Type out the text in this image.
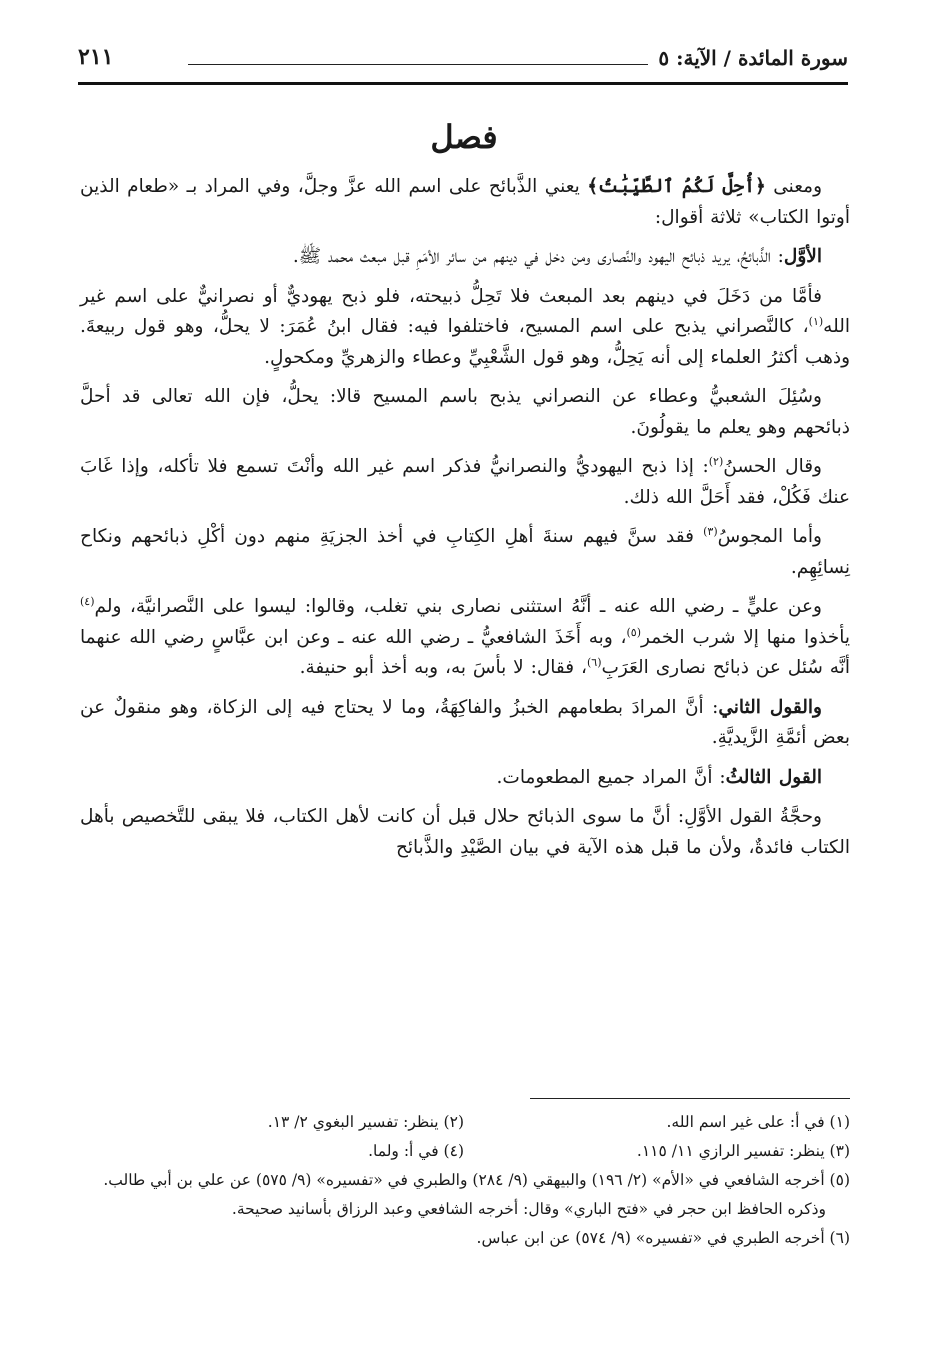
سورة المائدة / الآية: ٥
٢١١
فصل

ومعنى ﴿أُحِلَّ لَكُمُ ٱلطَّيِّبَٰتُ﴾ يعني الذَّبائح على اسم الله عزَّ وجلَّ، وفي المراد بـ «طعام الذين أوتوا الكتاب» ثلاثة أقوال:

الأوَّل: الذَّبائحُ، يريد ذبائح اليهود والنَّصارى ومن دخل في دينهم من سائر الأمَمِ قبل مبعث محمد ﷺ.

فأمَّا من دَخَلَ في دينهم بعد المبعث فلا تَحِلُّ ذبيحته، فلو ذبح يهوديٌّ أو نصرانيٌّ على اسم غير الله$^{(١)}$، كالنَّصراني يذبح على اسم المسيح، فاختلفوا فيه: فقال ابنُ عُمَرَ: لا يحلُّ، وهو قول ربيعةَ. وذهب أكثرُ العلماء إلى أنه يَحِلُّ، وهو قول الشَّعْبِيِّ وعطاء والزهريِّ ومكحولٍ.

وسُئِلَ الشعبيُّ وعطاء عن النصراني يذبح باسم المسيح قالا: يحلُّ، فإن الله تعالى قد أحلَّ ذبائحهم وهو يعلم ما يقولُونَ.

وقال الحسنُ$^{(٢)}$: إذا ذبح اليهوديُّ والنصرانيُّ فذكر اسم غير الله وأنْتَ تسمع فلا تأكله، وإذا غَابَ عنك فَكُلْ، فقد أَحَلَّ الله ذلك.

وأما المجوسُ$^{(٣)}$ فقد سنَّ فيهم سنةَ أهلِ الكِتابِ في أخذ الجزيَةِ منهم دون أكْلِ ذبائحهم ونكاح نِسائِهِم.

وعن عليٍّ ـ رضي الله عنه ـ أنَّهُ استثنى نصارى بني تغلب، وقالوا: ليسوا على النَّصرانيَّة، ولم$^{(٤)}$ يأخذوا منها إلا شرب الخمر$^{(٥)}$، وبه أَخَذَ الشافعيُّ ـ رضي الله عنه ـ وعن ابن عبَّاسٍ رضي الله عنهما أنَّه سُئل عن ذبائح نصارى العَرَبِ$^{(٦)}$، فقال: لا بأسَ به، وبه أخذ أبو حنيفة.

والقول الثاني: أنَّ المرادَ بطعامهم الخبزُ والفاكِهَةُ، وما لا يحتاج فيه إلى الزكاة، وهو منقولٌ عن بعض أئمَّةِ الزَّيديَّةِ.

القول الثالثُ: أنَّ المراد جميع المطعومات.

وحجَّةُ القول الأوَّلِ: أنَّ ما سوى الذبائح حلال قبل أن كانت لأهل الكتاب، فلا يبقى للتَّخصيص بأهل الكتاب فائدةٌ، ولأن ما قبل هذه الآية في بيان الصَّيْدِ والذَّبائح

(١) في أ: على غير اسم الله.
(٢) ينظر: تفسير البغوي ٢/ ١٣.
(٣) ينظر: تفسير الرازي ١١/ ١١٥.
(٤) في أ: ولما.
(٥) أخرجه الشافعي في «الأم» (٢/ ١٩٦) والبيهقي (٩/ ٢٨٤) والطبري في «تفسيره» (٩/ ٥٧٥) عن علي بن أبي طالب.
وذكره الحافظ ابن حجر في «فتح الباري» وقال: أخرجه الشافعي وعبد الرزاق بأسانيد صحيحة.
(٦) أخرجه الطبري في «تفسيره» (٩/ ٥٧٤) عن ابن عباس.
